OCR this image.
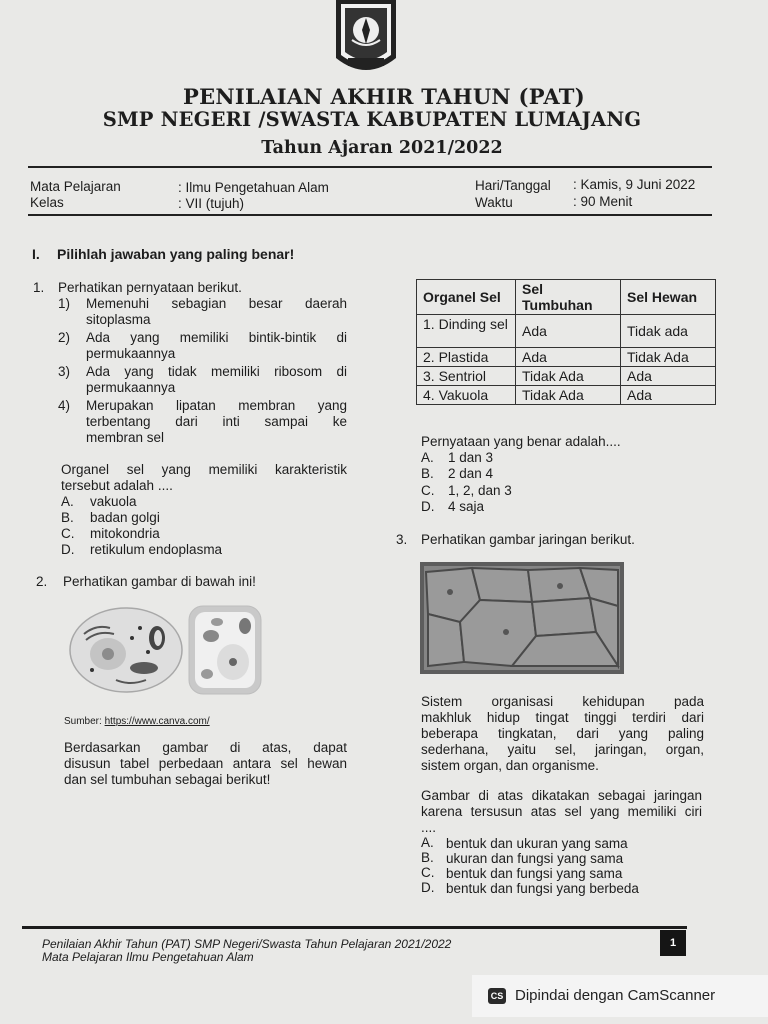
PENILAIAN AKHIR TAHUN (PAT)
SMP NEGERI /SWASTA KABUPATEN LUMAJANG
Tahun Ajaran 2021/2022
Mata Pelajaran	: Ilmu Pengetahuan Alam
Kelas	: VII (tujuh)
Hari/Tanggal : Kamis, 9 Juni 2022
Waktu	: 90 Menit
I. Pilihlah jawaban yang paling benar!
1. Perhatikan pernyataan berikut.
1) Memenuhi sebagian besar daerah
sitoplasma
2) Ada yang memiliki bintik-bintik di
permukaannya
3) Ada yang tidak memiliki ribosom di
permukaannya
4) Merupakan lipatan membran yang
terbentang dari inti sampai ke
membran sel
Organel sel yang memiliki karakteristik
tersebut adalah ....
A. vakuola
B. badan golgi
C. mitokondria
D. retikulum endoplasma
2. Perhatikan gambar di bawah ini!
Sumber: https://www.canva.com/
Berdasarkan gambar di atas, dapat
disusun tabel perbedaan antara sel hewan
dan sel tumbuhan sebagai berikut!
Organel Sel	Sel Tumbuhan	Sel Hewan
1. Dinding sel	Ada	Tidak ada
2. Plastida	Ada	Tidak Ada
3. Sentriol	Tidak Ada	Ada
4. Vakuola	Tidak Ada	Ada
Pernyataan yang benar adalah....
A. 1 dan 3
B. 2 dan 4
C. 1, 2, dan 3
D. 4 saja
3. Perhatikan gambar jaringan berikut.
Sistem organisasi kehidupan pada
makhluk hidup tingat tinggi terdiri dari
beberapa tingkatan, dari yang paling
sederhana, yaitu sel, jaringan, organ,
sistem organ, dan organisme.
Gambar di atas dikatakan sebagai jaringan
karena tersusun atas sel yang memiliki ciri
....
A. bentuk dan ukuran yang sama
B. ukuran dan fungsi yang sama
C. bentuk dan fungsi yang sama
D. bentuk dan fungsi yang berbeda
Penilaian Akhir Tahun (PAT) SMP Negeri/Swasta Tahun Pelajaran 2021/2022
Mata Pelajaran Ilmu Pengetahuan Alam
1
CS Dipindai dengan CamScanner
